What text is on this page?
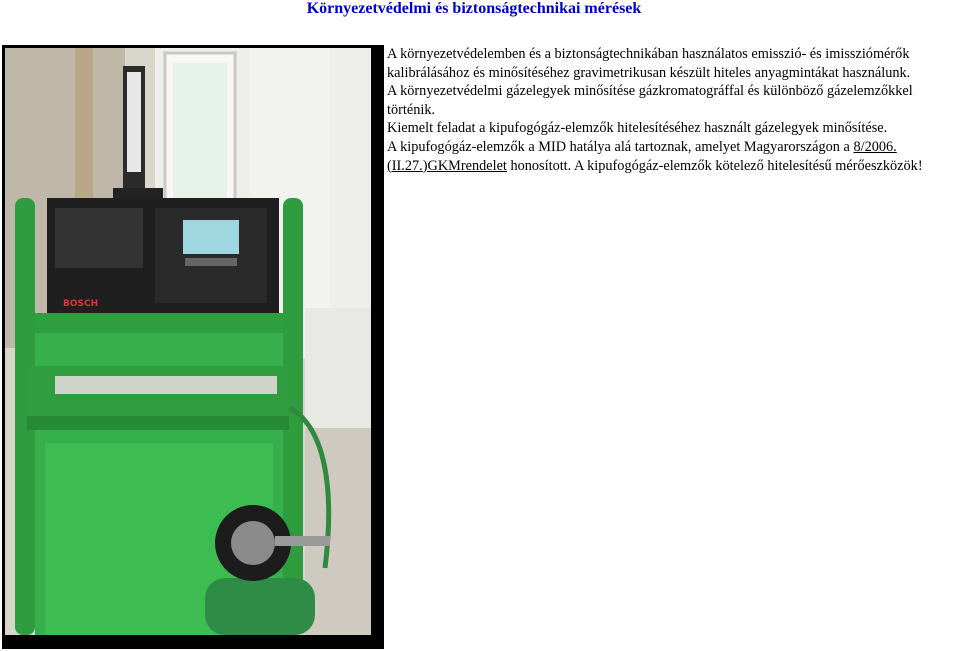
Környezetvédelmi és biztonságtechnikai mérések
BOSCH

A környezetvédelemben és a biztonságtechnikában használatos emisszió- és imissziómérők kalibrálásához és minősítéséhez gravimetrikusan készült hiteles anyagmintákat használunk.

A környezetvédelmi gázelegyek minősítése gázkromatográffal és különböző gázelemzőkkel történik.

Kiemelt feladat a kipufogógáz-elemzők hitelesítéséhez használt gázelegyek minősítése.

A kipufogógáz-elemzők a MID hatálya alá tartoznak, amelyet Magyarországon a 8/2006.(II.27.)GKMrendelet honosított. A kipufogógáz-elemzők kötelező hitelesítésű mérőeszközök!
